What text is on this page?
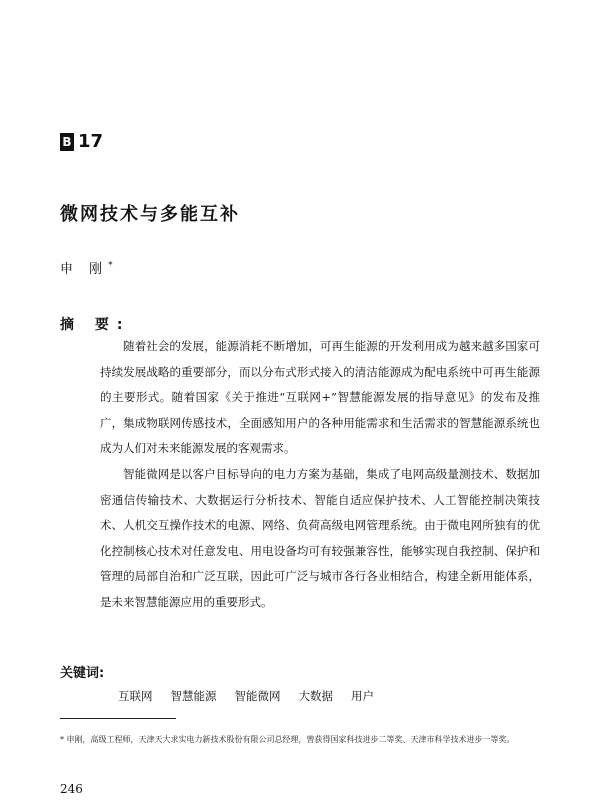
B 17
微网技术与多能互补
申 刚*
摘 要:

随着社会的发展，能源消耗不断增加，可再生能源的开发利用成为越来越多国家可持续发展战略的重要部分，而以分布式形式接入的清洁能源成为配电系统中可再生能源的主要形式。随着国家《关于推进“互联网+”智慧能源发展的指导意见》的发布及推广，集成物联网传感技术，全面感知用户的各种用能需求和生活需求的智慧能源系统也成为人们对未来能源发展的客观需求。

智能微网是以客户目标导向的电力方案为基础，集成了电网高级量测技术、数据加密通信传输技术、大数据运行分析技术、智能自适应保护技术、人工智能控制决策技术、人机交互操作技术的电源、网络、负荷高级电网管理系统。由于微电网所独有的优化控制核心技术对任意发电、用电设备均可有较强兼容性，能够实现自我控制、保护和管理的局部自治和广泛互联，因此可广泛与城市各行各业相结合，构建全新用能体系，是未来智慧能源应用的重要形式。

关键词:
互联网 智慧能源 智能微网 大数据 用户
* 申刚，高级工程师，天津天大求实电力新技术股份有限公司总经理，曾获得国家科技进步二等奖、天津市科学技术进步一等奖。
246
